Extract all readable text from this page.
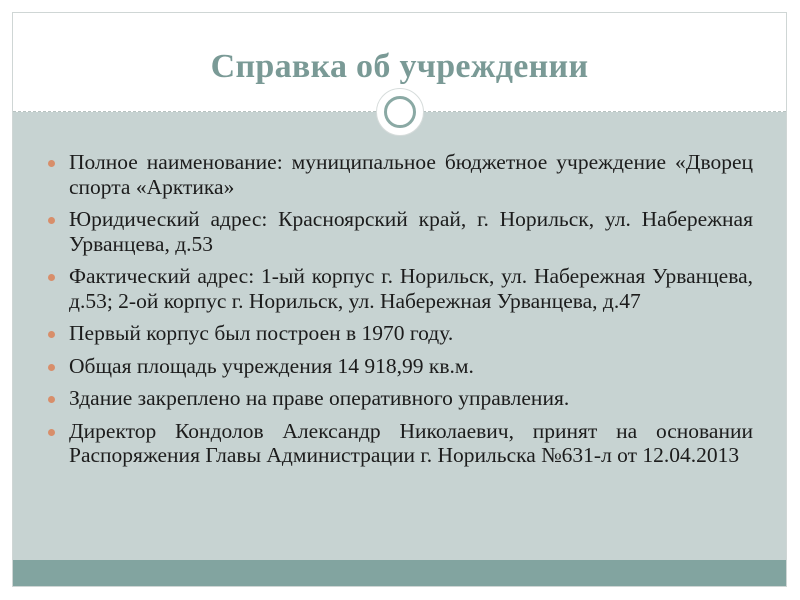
Справка об учреждении
Полное наименование: муниципальное бюджетное учреждение «Дворец спорта «Арктика»
Юридический адрес: Красноярский край, г. Норильск, ул. Набережная Урванцева, д.53
Фактический адрес: 1-ый корпус г. Норильск, ул. Набережная Урванцева, д.53; 2-ой корпус г. Норильск, ул. Набережная Урванцева, д.47
Первый корпус был построен в 1970 году.
Общая площадь учреждения 14 918,99 кв.м.
Здание закреплено на праве оперативного управления.
Директор Кондолов Александр Николаевич, принят на основании Распоряжения Главы Администрации г. Норильска №631-л от 12.04.2013
